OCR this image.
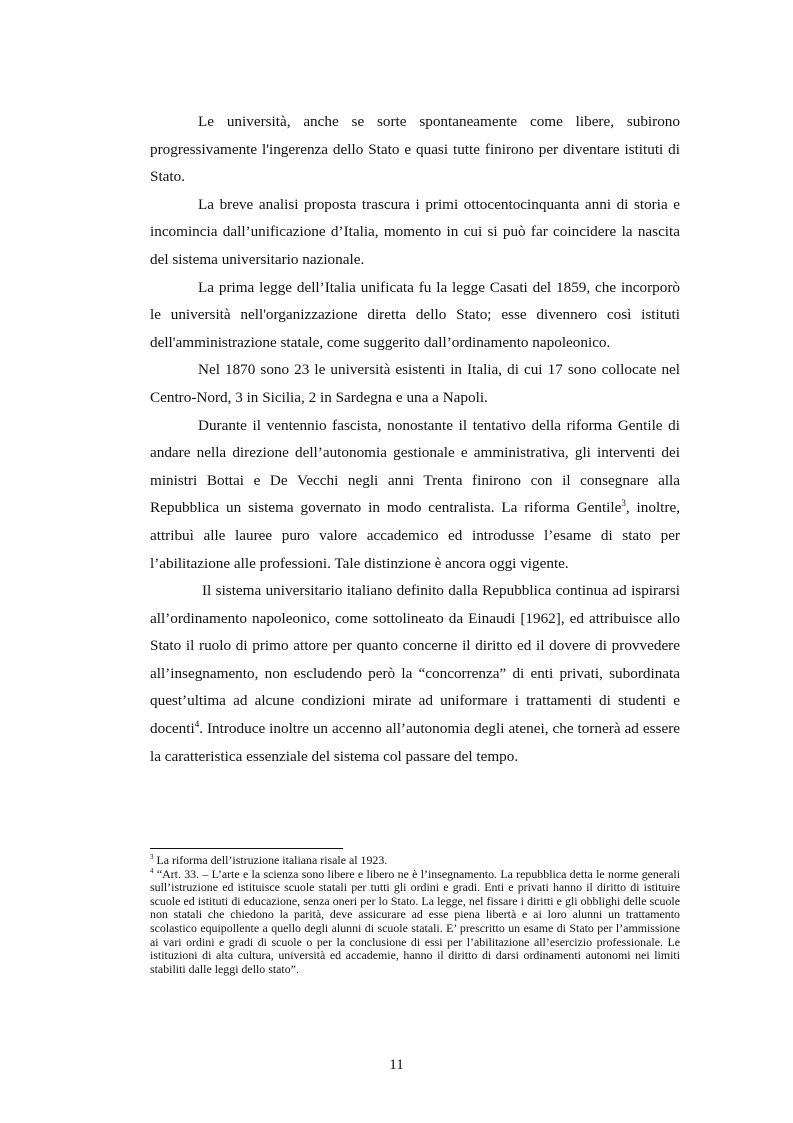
Le università, anche se sorte spontaneamente come libere, subirono progressivamente l'ingerenza dello Stato e quasi tutte finirono per diventare istituti di Stato.

La breve analisi proposta trascura i primi ottocentocinquanta anni di storia e incomincia dall’unificazione d’Italia, momento in cui si può far coincidere la nascita del sistema universitario nazionale.

La prima legge dell’Italia unificata fu la legge Casati del 1859, che incorporò le università nell'organizzazione diretta dello Stato; esse divennero così istituti dell'amministrazione statale, come suggerito dall’ordinamento napoleonico.

Nel 1870 sono 23 le università esistenti in Italia, di cui 17 sono collocate nel Centro-Nord, 3 in Sicilia, 2 in Sardegna e una a Napoli.

Durante il ventennio fascista, nonostante il tentativo della riforma Gentile di andare nella direzione dell’autonomia gestionale e amministrativa, gli interventi dei ministri Bottai e De Vecchi negli anni Trenta finirono con il consegnare alla Repubblica un sistema governato in modo centralista. La riforma Gentile$^3$, inoltre, attribuì alle lauree puro valore accademico ed introdusse l’esame di stato per l’abilitazione alle professioni. Tale distinzione è ancora oggi vigente.

Il sistema universitario italiano definito dalla Repubblica continua ad ispirarsi all’ordinamento napoleonico, come sottolineato da Einaudi [1962], ed attribuisce allo Stato il ruolo di primo attore per quanto concerne il diritto ed il dovere di provvedere all’insegnamento, non escludendo però la “concorrenza” di enti privati, subordinata quest’ultima ad alcune condizioni mirate ad uniformare i trattamenti di studenti e docenti$^4$. Introduce inoltre un accenno all’autonomia degli atenei, che tornerà ad essere la caratteristica essenziale del sistema col passare del tempo.

$^3$ La riforma dell’istruzione italiana risale al 1923.

$^4$ “Art. 33. – L’arte e la scienza sono libere e libero ne è l’insegnamento. La repubblica detta le norme generali sull’istruzione ed istituisce scuole statali per tutti gli ordini e gradi. Enti e privati hanno il diritto di istituire scuole ed istituti di educazione, senza oneri per lo Stato. La legge, nel fissare i diritti e gli obblighi delle scuole non statali che chiedono la parità, deve assicurare ad esse piena libertà e ai loro alunni un trattamento scolastico equipollente a quello degli alunni di scuole statali. E’ prescritto un esame di Stato per l’ammissione ai vari ordini e gradi di scuole o per la conclusione di essi per l’abilitazione all’esercizio professionale. Le istituzioni di alta cultura, università ed accademie, hanno il diritto di darsi ordinamenti autonomi nei limiti stabiliti dalle leggi dello stato”.

11
